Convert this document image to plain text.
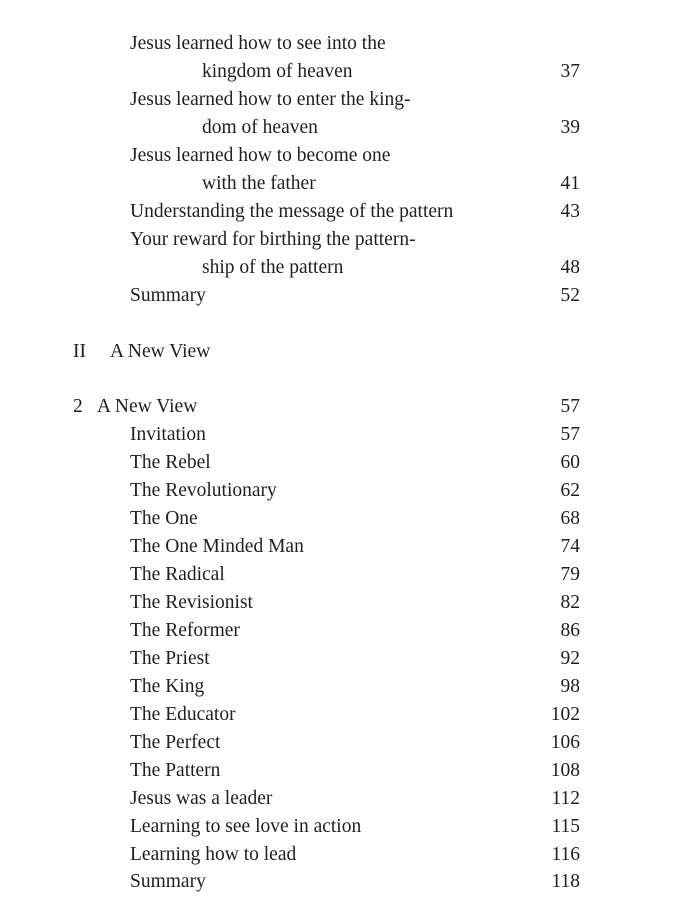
Jesus learned how to see into the
kingdom of heaven	37
Jesus learned how to enter the king-
dom of heaven	39
Jesus learned how to become one
with the father	41
Understanding the message of the pattern	43
Your reward for birthing the pattern-
ship of the pattern	48
Summary	52
II A New View
2 A New View	57
Invitation	57
The Rebel	60
The Revolutionary	62
The One	68
The One Minded Man	74
The Radical	79
The Revisionist	82
The Reformer	86
The Priest	92
The King	98
The Educator	102
The Perfect	106
The Pattern	108
Jesus was a leader	112
Learning to see love in action	115
Learning how to lead	116
Summary	118
